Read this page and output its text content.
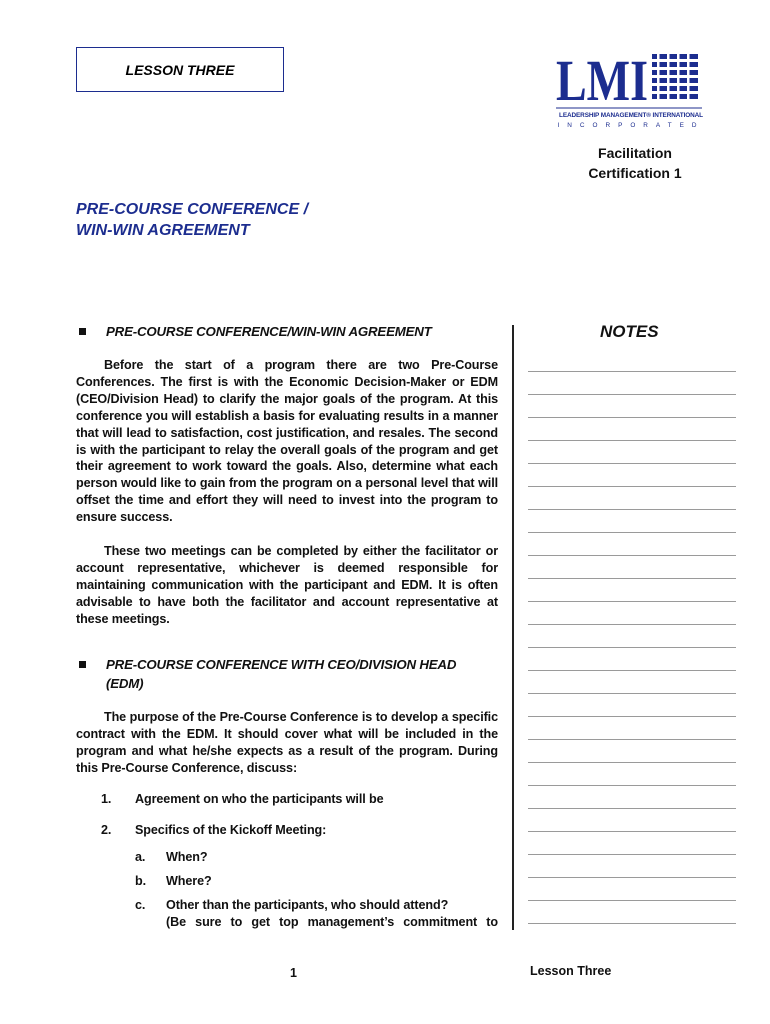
LESSON THREE	LMI
LEADERSHIP MANAGEMENT® INTERNATIONAL
INCORPORATED
Facilitation
Certification 1
PRE-COURSE CONFERENCE /
WIN-WIN AGREEMENT
PRE-COURSE CONFERENCE/WIN-WIN AGREEMENT
Before the start of a program there are two Pre-Course Conferences. The first is with the Economic Decision-Maker or EDM (CEO/Division Head) to clarify the major goals of the program. At this conference you will establish a basis for evaluating results in a manner that will lead to satisfaction, cost justification, and resales. The second is with the participant to relay the overall goals of the program and get their agreement to work toward the goals. Also, determine what each person would like to gain from the program on a personal level that will offset the time and effort they will need to invest into the program to ensure success.
These two meetings can be completed by either the facilitator or account representative, whichever is deemed responsible for maintaining communication with the participant and EDM. It is often advisable to have both the facilitator and account representative at these meetings.
PRE-COURSE CONFERENCE WITH CEO/DIVISION HEAD
(EDM)
The purpose of the Pre-Course Conference is to develop a specific contract with the EDM. It should cover what will be included in the program and what he/she expects as a result of the program. During this Pre-Course Conference, discuss:
1. Agreement on who the participants will be
2. Specifics of the Kickoff Meeting:
a. When?
b. Where?
c. Other than the participants, who should attend?
(Be sure to get top management’s commitment to
NOTES
1	Lesson Three
